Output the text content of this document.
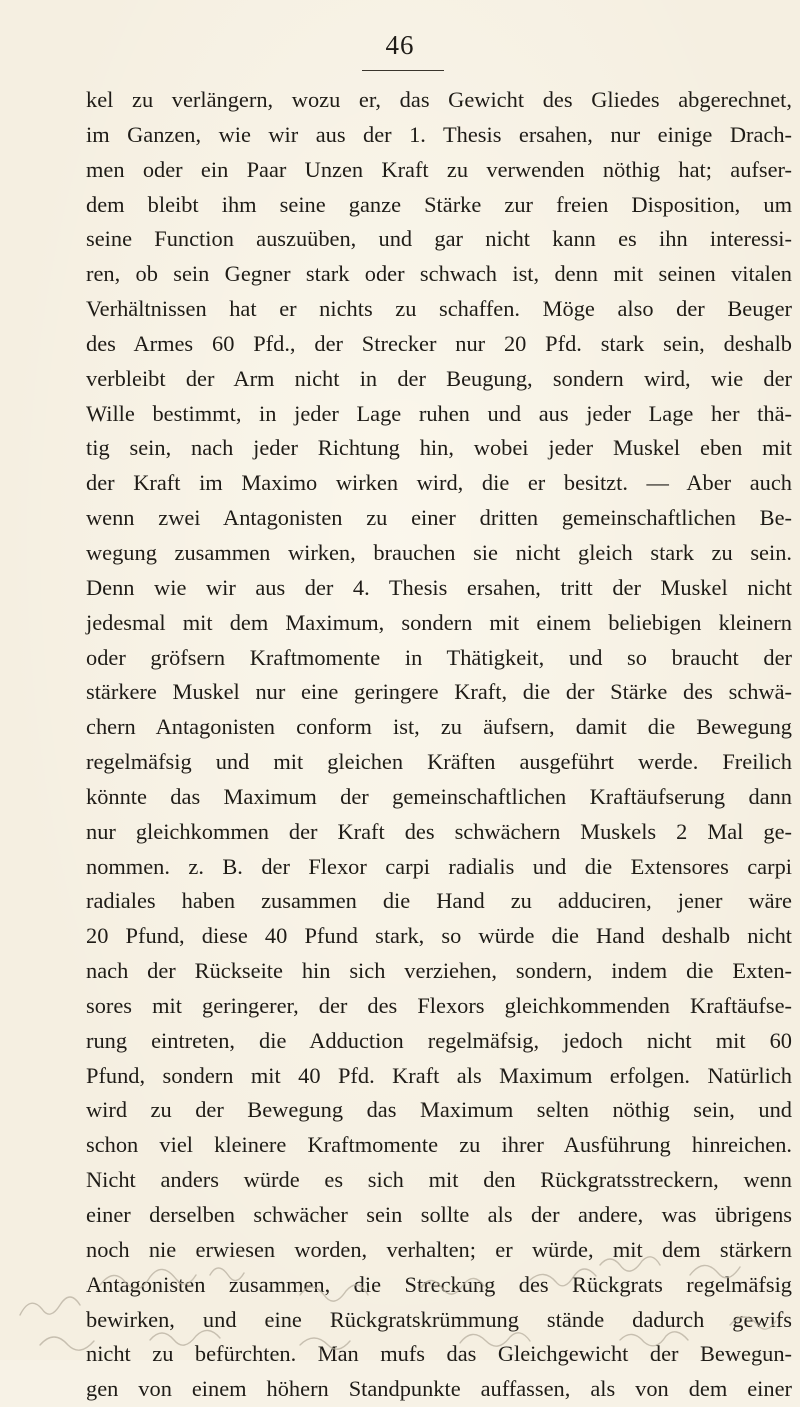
46
kel zu verlängern, wozu er, das Gewicht des Gliedes abgerechnet,
im Ganzen, wie wir aus der 1. Thesis ersahen, nur einige Drach-
men oder ein Paar Unzen Kraft zu verwenden nöthig hat; aufser-
dem bleibt ihm seine ganze Stärke zur freien Disposition, um
seine Function auszuüben, und gar nicht kann es ihn interessi-
ren, ob sein Gegner stark oder schwach ist, denn mit seinen vitalen
Verhältnissen hat er nichts zu schaffen. Möge also der Beuger
des Armes 60 Pfd., der Strecker nur 20 Pfd. stark sein, deshalb
verbleibt der Arm nicht in der Beugung, sondern wird, wie der
Wille bestimmt, in jeder Lage ruhen und aus jeder Lage her thä-
tig sein, nach jeder Richtung hin, wobei jeder Muskel eben mit
der Kraft im Maximo wirken wird, die er besitzt. — Aber auch
wenn zwei Antagonisten zu einer dritten gemeinschaftlichen Be-
wegung zusammen wirken, brauchen sie nicht gleich stark zu sein.
Denn wie wir aus der 4. Thesis ersahen, tritt der Muskel nicht
jedesmal mit dem Maximum, sondern mit einem beliebigen kleinern
oder gröfsern Kraftmomente in Thätigkeit, und so braucht der
stärkere Muskel nur eine geringere Kraft, die der Stärke des schwä-
chern Antagonisten conform ist, zu äufsern, damit die Bewegung
regelmäfsig und mit gleichen Kräften ausgeführt werde. Freilich
könnte das Maximum der gemeinschaftlichen Kraftäufserung dann
nur gleichkommen der Kraft des schwächern Muskels 2 Mal ge-
nommen. z. B. der Flexor carpi radialis und die Extensores carpi
radiales haben zusammen die Hand zu adduciren, jener wäre
20 Pfund, diese 40 Pfund stark, so würde die Hand deshalb nicht
nach der Rückseite hin sich verziehen, sondern, indem die Exten-
sores mit geringerer, der des Flexors gleichkommenden Kraftäufse-
rung eintreten, die Adduction regelmäfsig, jedoch nicht mit 60
Pfund, sondern mit 40 Pfd. Kraft als Maximum erfolgen. Natürlich
wird zu der Bewegung das Maximum selten nöthig sein, und
schon viel kleinere Kraftmomente zu ihrer Ausführung hinreichen.
Nicht anders würde es sich mit den Rückgratsstreckern, wenn
einer derselben schwächer sein sollte als der andere, was übrigens
noch nie erwiesen worden, verhalten; er würde, mit dem stärkern
Antagonisten zusammen, die Streckung des Rückgrats regelmäfsig
bewirken, und eine Rückgratskrümmung stände dadurch gewifs
nicht zu befürchten. Man mufs das Gleichgewicht der Bewegun-
gen von einem höhern Standpunkte auffassen, als von dem einer
